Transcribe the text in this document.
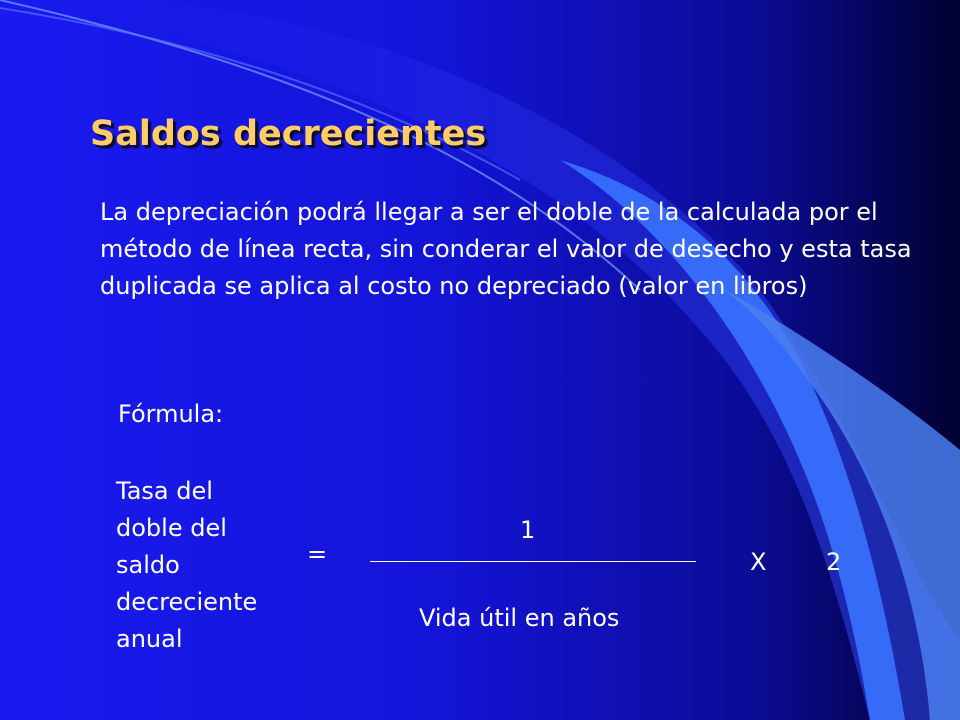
Saldos decrecientes

La depreciación podrá llegar a ser el doble de la calculada por el método de línea recta, sin conderar el valor de desecho y esta tasa duplicada se aplica al costo no depreciado (valor en libros)

Fórmula:
Tasa del
doble del
saldo
decreciente
anual
=
1
Vida útil en años
X 2
